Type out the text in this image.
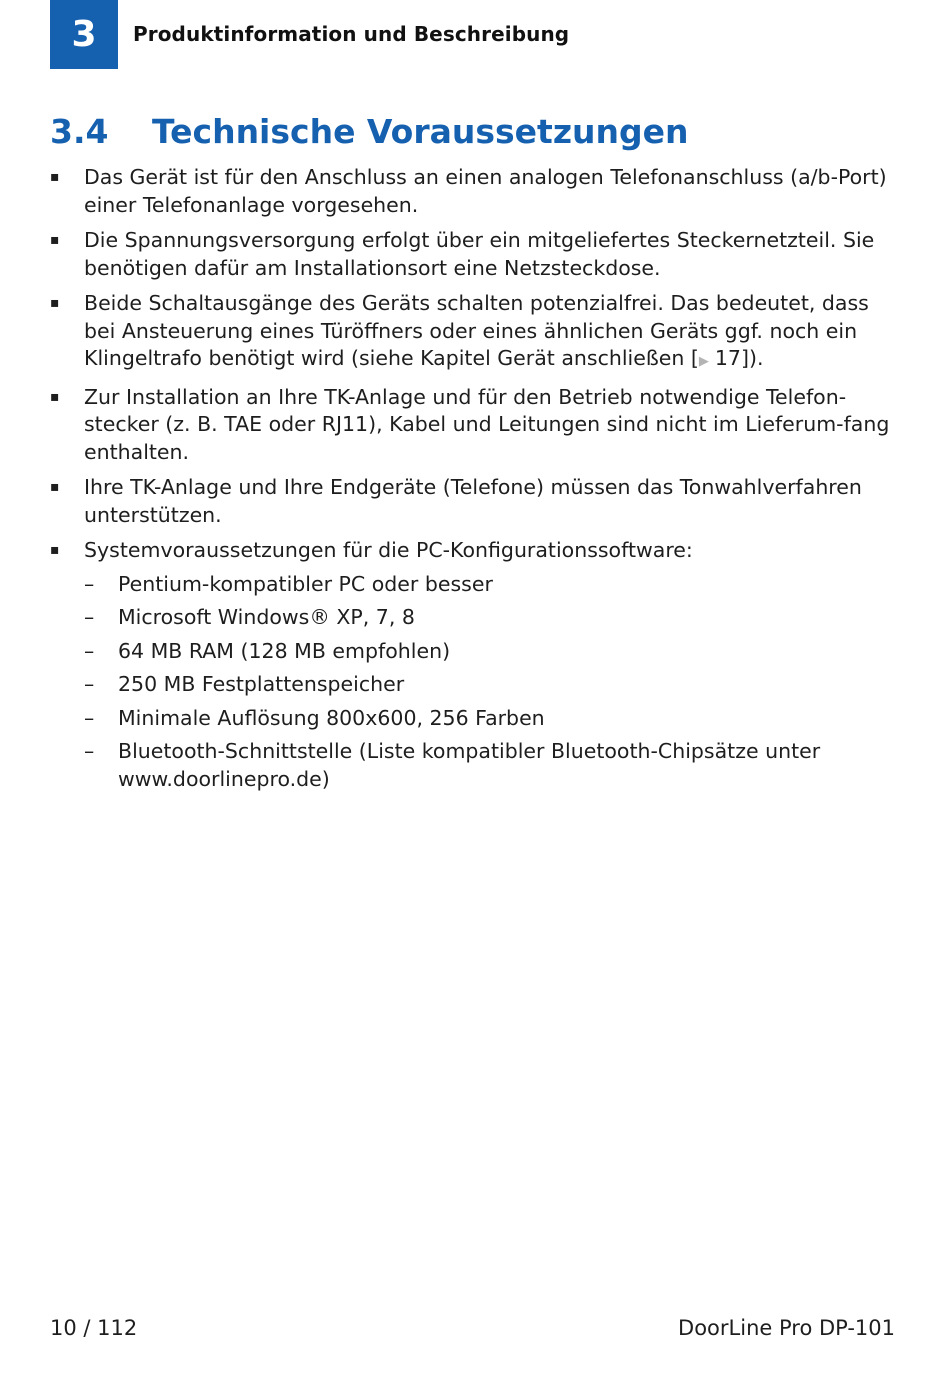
3	Produktinformation und Beschreibung
3.4 Technische Voraussetzungen
▪	Das Gerät ist für den Anschluss an einen analogen Telefonanschluss (a/b-Port) einer Telefonanlage vorgesehen.
▪	Die Spannungsversorgung erfolgt über ein mitgeliefertes Steckernetzteil. Sie benötigen dafür am Installationsort eine Netzsteckdose.
▪	Beide Schaltausgänge des Geräts schalten potenzialfrei. Das bedeutet, dass bei Ansteuerung eines Türöffners oder eines ähnlichen Geräts ggf. noch ein Klingeltrafo benötigt wird (siehe Kapitel Gerät anschließen [▶ 17]).
▪	Zur Installation an Ihre TK-Anlage und für den Betrieb notwendige Telefon-stecker (z. B. TAE oder RJ11), Kabel und Leitungen sind nicht im Lieferum-fang enthalten.
▪	Ihre TK-Anlage und Ihre Endgeräte (Telefone) müssen das Tonwahlverfahren unterstützen.
▪	Systemvoraussetzungen für die PC-Konfigurationssoftware:
– Pentium-kompatibler PC oder besser
– Microsoft Windows® XP, 7, 8
– 64 MB RAM (128 MB empfohlen)
– 250 MB Festplattenspeicher
– Minimale Auflösung 800x600, 256 Farben
– Bluetooth-Schnittstelle (Liste kompatibler Bluetooth-Chipsätze unter www.doorlinepro.de)
10 / 112	DoorLine Pro DP-101
